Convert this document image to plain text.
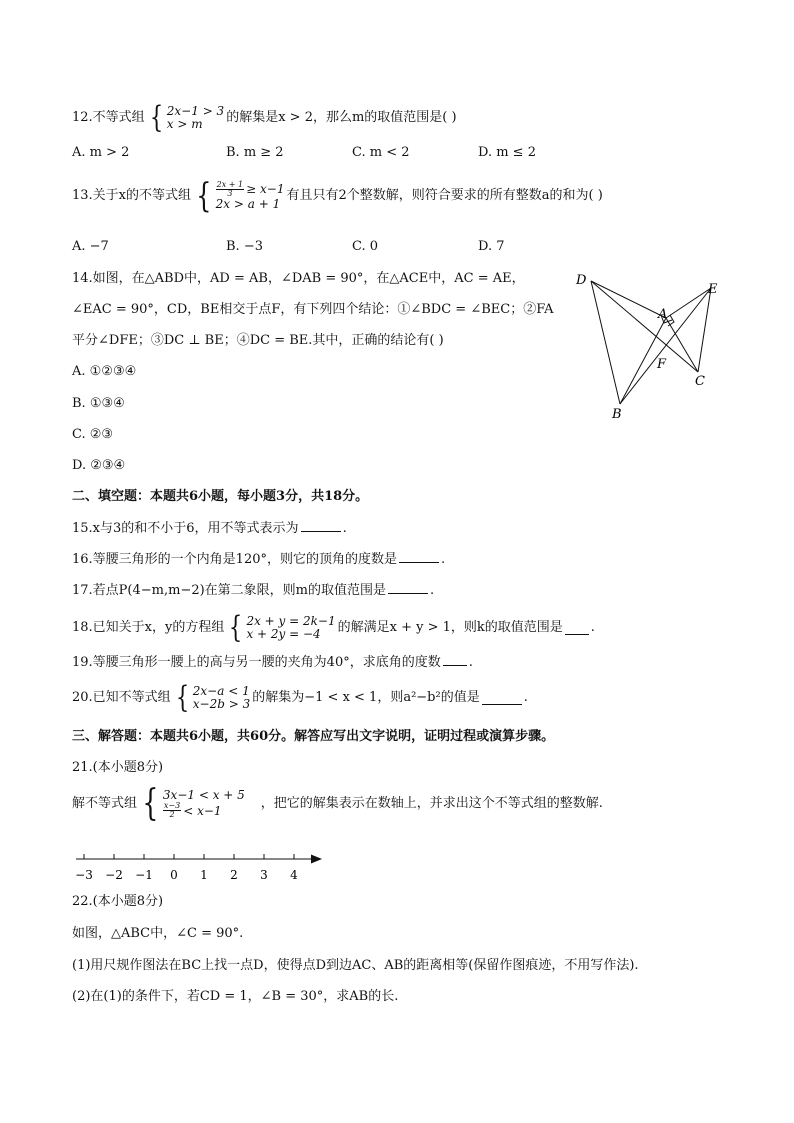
12.不等式组 { 2x−1 > 3
x > m	的解集是x > 2，那么m的取值范围是( )
A. m > 2	B. m ≥ 2	C. m < 2	D. m ≤ 2
13.关于x的不等式组 { $\frac{2x + 1}{3} \ge x-1$
2x > a + 1
有且只有2个整数解，则符合要求的所有整数a的和为( )
A. −7	B. −3	C. 0	D. 7
14.如图，在△ABD中，AD = AB，∠DAB = 90°，在△ACE中，AC = AE，
∠EAC = 90°，CD，BE相交于点F，有下列四个结论：①∠BDC = ∠BEC；②FA
平分∠DFE；③DC ⊥ BE；④DC = BE.其中，正确的结论有( )
A. ①②③④
B. ①③④
C. ②③
D. ②③④
D
E
A
F
C
B
二、填空题：本题共6小题，每小题3分，共18分。
15.x与3的和不小于6，用不等式表示为	.
16.等腰三角形的一个内角是120°，则它的顶角的度数是	.
17.若点P(4−m,m−2)在第二象限，则m的取值范围是	.
18.已知关于x，y的方程组 { 2x + y = 2k−1
x + 2y = −4	的解满足x + y > 1，则k的取值范围是 .
19.等腰三角形一腰上的高与另一腰的夹角为40°，求底角的度数 .
20.已知不等式组 { 2x−a < 1
x−2b > 3 的解集为−1 < x < 1，则a²−b²的值是	.
三、解答题：本题共6小题，共60分。解答应写出文字说明，证明过程或演算步骤。
21.(本小题8分)
解不等式组 { 3x−1 < x + 5
$\frac{x-3}{2} < x-1$	，把它的解集表示在数轴上，并求出这个不等式组的整数解.
−3 −2 −1 0 1 2 3 4
22.(本小题8分)
如图，△ABC中，∠C = 90°.
(1)用尺规作图法在BC上找一点D，使得点D到边AC、AB的距离相等(保留作图痕迹，不用写作法).
(2)在(1)的条件下，若CD = 1，∠B = 30°，求AB的长.
